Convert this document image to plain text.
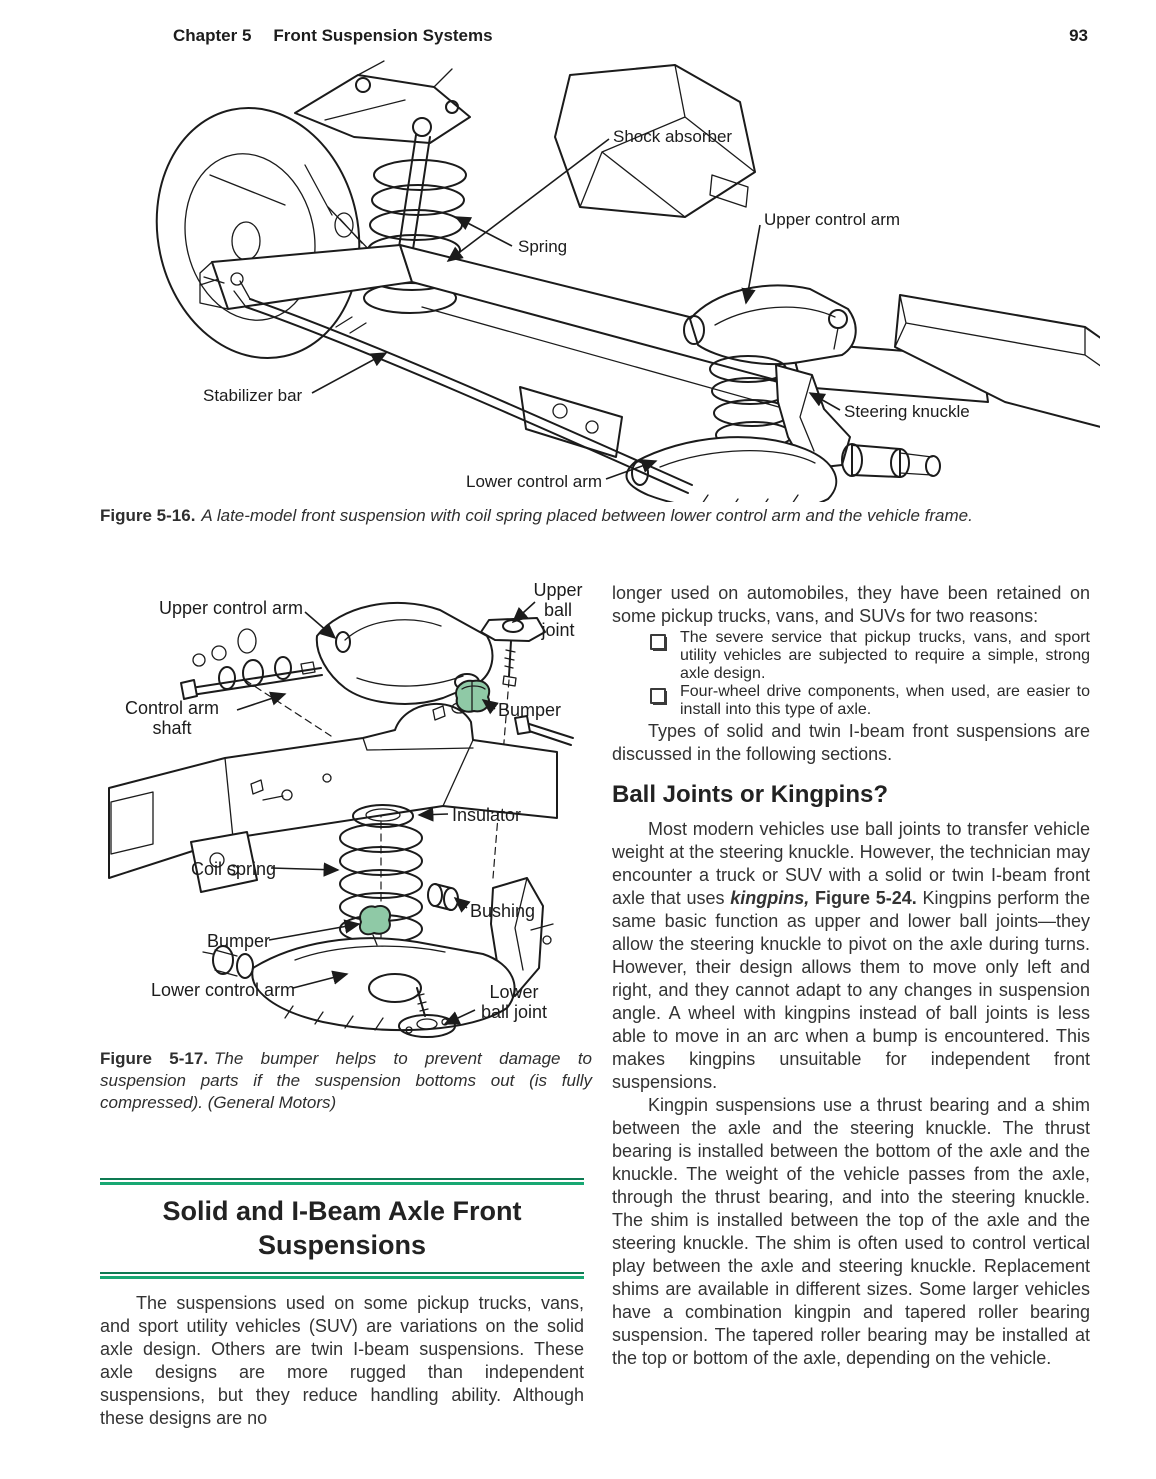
Chapter 5 Front Suspension Systems	93
Shock absorber
Upper control arm
Spring
Stabilizer bar
Steering knuckle
Lower control arm

Figure 5-16. A late-model front suspension with coil spring placed between lower control arm and the vehicle frame.

Upper control arm
Upper ball joint
Control arm shaft
Bumper
Insulator
Coil spring
Bushing
Bumper
Lower control arm	Lower ball joint

Figure 5-17. The bumper helps to prevent damage to suspension parts if the suspension bottoms out (is fully compressed). (General Motors)

Solid and I-Beam Axle Front Suspensions

The suspensions used on some pickup trucks, vans, and sport utility vehicles (SUV) are variations on the solid axle design. Others are twin I-beam suspensions. These axle designs are more rugged than independent suspensions, but they reduce handling ability. Although these designs are no

longer used on automobiles, they have been retained on some pickup trucks, vans, and SUVs for two reasons:

The severe service that pickup trucks, vans, and sport utility vehicles are subjected to require a simple, strong axle design.
Four-wheel drive components, when used, are easier to install into this type of axle.

Types of solid and twin I-beam front suspensions are discussed in the following sections.

Ball Joints or Kingpins?

Most modern vehicles use ball joints to transfer vehicle weight at the steering knuckle. However, the technician may encounter a truck or SUV with a solid or twin I-beam front axle that uses kingpins, Figure 5-24. Kingpins perform the same basic function as upper and lower ball joints—they allow the steering knuckle to pivot on the axle during turns. However, their design allows them to move only left and right, and they cannot adapt to any changes in suspension angle. A wheel with kingpins instead of ball joints is less able to move in an arc when a bump is encountered. This makes kingpins unsuitable for independent front suspensions.

Kingpin suspensions use a thrust bearing and a shim between the axle and the steering knuckle. The thrust bearing is installed between the bottom of the axle and the knuckle. The weight of the vehicle passes from the axle, through the thrust bearing, and into the steering knuckle. The shim is installed between the top of the axle and the steering knuckle. The shim is often used to control vertical play between the axle and steering knuckle. Replacement shims are available in different sizes. Some larger vehicles have a combination kingpin and tapered roller bearing suspension. The tapered roller bearing may be installed at the top or bottom of the axle, depending on the vehicle.
